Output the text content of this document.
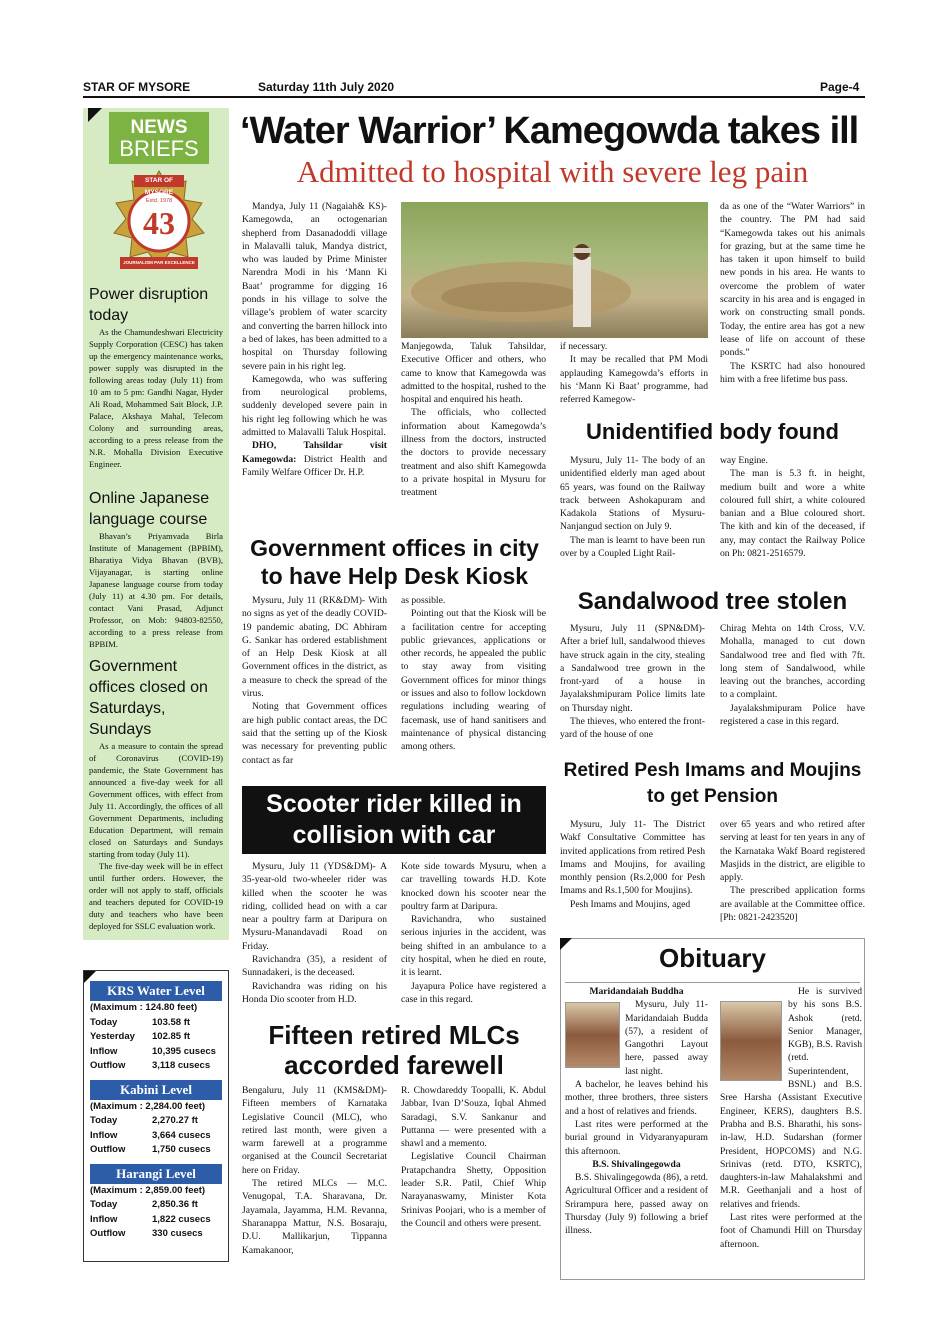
STAR OF MYSORE	Saturday 11th July 2020	Page-4
NEWS
BRIEFS
STAR OF MYSORE
Estd. 1978
43
JOURNALISM PAR EXCELLENCE
Power disruption today

As the Chamundeshwari Electricity Supply Corporation (CESC) has taken up the emergency maintenance works, power supply was disrupted in the following areas today (July 11) from 10 am to 5 pm: Gandhi Nagar, Hyder Ali Road, Mohammed Sait Block, J.P. Palace, Akshaya Mahal, Telecom Colony and surrounding areas, according to a press release from the N.R. Mohalla Division Executive Engineer.

Online Japanese language course

Bhavan’s Priyamvada Birla Institute of Management (BPBIM), Bharatiya Vidya Bhavan (BVB), Vijayanagar, is starting online Japanese language course from today (July 11) at 4.30 pm. For details, contact Vani Prasad, Adjunct Professor, on Mob: 94803-82550, according to a press release from BPBIM.

Government offices closed on Saturdays, Sundays

As a measure to contain the spread of Coronavirus (COVID-19) pandemic, the State Government has announced a five-day week for all Government offices, with effect from July 11. Accordingly, the offices of all Government Departments, including Education Department, will remain closed on Saturdays and Sundays starting from today (July 11).

The five-day week will be in effect until further orders. However, the order will not apply to staff, officials and teachers deputed for COVID-19 duty and teachers who have been deployed for SSLC evaluation work.

KRS Water Level
(Maximum : 124.80 feet)
Today	103.58 ft
Yesterday	102.85 ft
Inflow	10,395 cusecs
Outflow	3,118 cusecs
Kabini Level
(Maximum : 2,284.00 feet)
Today	2,270.27 ft
Inflow	3,664 cusecs
Outflow	1,750 cusecs
Harangi Level
(Maximum : 2,859.00 feet)
Today	2,850.36 ft
Inflow	1,822 cusecs
Outflow	330 cusecs
‘Water Warrior’ Kamegowda takes ill
Admitted to hospital with severe leg pain

Mandya, July 11 (Nagaiah& KS)- Kamegowda, an octogenarian shepherd from Dasanadoddi village in Malavalli taluk, Mandya district, who was lauded by Prime Minister Narendra Modi in his ‘Mann Ki Baat’ programme for digging 16 ponds in his village to solve the village’s problem of water scarcity and converting the barren hillock into a bed of lakes, has been admitted to a hospital on Thursday following severe pain in his right leg.

Kamegowda, who was suffering from neurological problems, suddenly developed severe pain in his right leg following which he was admitted to Malavalli Taluk Hospital.

DHO, Tahsildar visit Kamegowda: District Health and Family Welfare Officer Dr. H.P.

Manjegowda, Taluk Tahsildar, Executive Officer and others, who came to know that Kamegowda was admitted to the hospital, rushed to the hospital and enquired his heath.

The officials, who collected information about Kamegowda’s illness from the doctors, instructed the doctors to provide necessary treatment and also shift Kamegowda to a private hospital in Mysuru for treatment

if necessary.

It may be recalled that PM Modi applauding Kamegowda’s efforts in his ‘Mann Ki Baat’ programme, had referred Kamegow-

da as one of the “Water Warriors” in the country. The PM had said “Kamegowda takes out his animals for grazing, but at the same time he has taken it upon himself to build new ponds in his area. He wants to overcome the problem of water scarcity in his area and is engaged in work on constructing small ponds. Today, the entire area has got a new lease of life on account of these ponds.”

The KSRTC had also honoured him with a free lifetime bus pass.

Government offices in city to have Help Desk Kiosk

Mysuru, July 11 (RK&DM)- With no signs as yet of the deadly COVID-19 pandemic abating, DC Abhiram G. Sankar has ordered establishment of an Help Desk Kiosk at all Government offices in the district, as a measure to check the spread of the virus.

Noting that Government offices are high public contact areas, the DC said that the setting up of the Kiosk was necessary for preventing public contact as far

as possible.

Pointing out that the Kiosk will be a facilitation centre for accepting public grievances, applications or other records, he appealed the public to stay away from visiting Government offices for minor things or issues and also to follow lockdown regulations including wearing of facemask, use of hand sanitisers and maintenance of physical distancing among others.

Scooter rider killed in collision with car

Mysuru, July 11 (YDS&DM)- A 35-year-old two-wheeler rider was killed when the scooter he was riding, collided head on with a car near a poultry farm at Daripura on Mysuru-Manandavadi Road on Friday.

Ravichandra (35), a resident of Sunnadakeri, is the deceased.

Ravichandra was riding on his Honda Dio scooter from H.D.

Kote side towards Mysuru, when a car travelling towards H.D. Kote knocked down his scooter near the poultry farm at Daripura.

Ravichandra, who sustained serious injuries in the accident, was being shifted in an ambulance to a city hospital, when he died en route, it is learnt.

Jayapura Police have registered a case in this regard.

Fifteen retired MLCs accorded farewell

Bengaluru, July 11 (KMS&DM)- Fifteen members of Karnataka Legislative Council (MLC), who retired last month, were given a warm farewell at a programme organised at the Council Secretariat here on Friday.

The retired MLCs — M.C. Venugopal, T.A. Sharavana, Dr. Jayamala, Jayamma, H.M. Revanna, Sharanappa Mattur, N.S. Bosaraju, D.U. Mallikarjun, Tippanna Kamakanoor,

R. Chowdareddy Toopalli, K. Abdul Jabbar, Ivan D’Souza, Iqbal Ahmed Saradagi, S.V. Sankanur and Puttanna — were presented with a shawl and a memento.

Legislative Council Chairman Pratapchandra Shetty, Opposition leader S.R. Patil, Chief Whip Narayanaswamy, Minister Kota Srinivas Poojari, who is a member of the Council and others were present.

Unidentified body found

Mysuru, July 11- The body of an unidentified elderly man aged about 65 years, was found on the Railway track between Ashokapuram and Kadakola Stations of Mysuru-Nanjangud section on July 9.

The man is learnt to have been run over by a Coupled Light Rail-

way Engine.

The man is 5.3 ft. in height, medium built and wore a white coloured full shirt, a white coloured banian and a Blue coloured short. The kith and kin of the deceased, if any, may contact the Railway Police on Ph: 0821-2516579.

Sandalwood tree stolen

Mysuru, July 11 (SPN&DM)- After a brief lull, sandalwood thieves have struck again in the city, stealing a Sandalwood tree grown in the front-yard of a house in Jayalakshmipuram Police limits late on Thursday night.

The thieves, who entered the front-yard of the house of one

Chirag Mehta on 14th Cross, V.V. Mohalla, managed to cut down Sandalwood tree and fled with 7ft. long stem of Sandalwood, while leaving out the branches, according to a complaint.

Jayalakshmipuram Police have registered a case in this regard.

Retired Pesh Imams and Moujins to get Pension

Mysuru, July 11- The District Wakf Consultative Committee has invited applications from retired Pesh Imams and Moujins, for availing monthly pension (Rs.2,000 for Pesh Imams and Rs.1,500 for Moujins).

Pesh Imams and Moujins, aged

over 65 years and who retired after serving at least for ten years in any of the Karnataka Wakf Board registered Masjids in the district, are eligible to apply.

The prescribed application forms are available at the Committee office. [Ph: 0821-2423520]

Obituary
Maridandaiah Buddha

Mysuru, July 11- Maridandaiah Budda (57), a resident of Gangothri Layout here, passed away last night.

A bachelor, he leaves behind his mother, three brothers, three sisters and a host of relatives and friends.

Last rites were performed at the burial ground in Vidyaranyapuram this afternoon.

B.S. Shivalingegowda

B.S. Shivalingegowda (86), a retd. Agricultural Officer and a resident of Srirampura here, passed away on Thursday (July 9) following a brief illness.

He is survived by his sons B.S. Ashok (retd. Senior Manager, KGB), B.S. Ravish (retd. Superintendent, BSNL) and B.S. Sree Harsha (Assistant Executive Engineer, KERS), daughters B.S. Prabha and B.S. Bharathi, his sons-in-law, H.D. Sudarshan (former President, HOPCOMS) and N.G. Srinivas (retd. DTO, KSRTC), daughters-in-law Mahalakshmi and M.R. Geethanjali and a host of relatives and friends.

Last rites were performed at the foot of Chamundi Hill on Thursday afternoon.
